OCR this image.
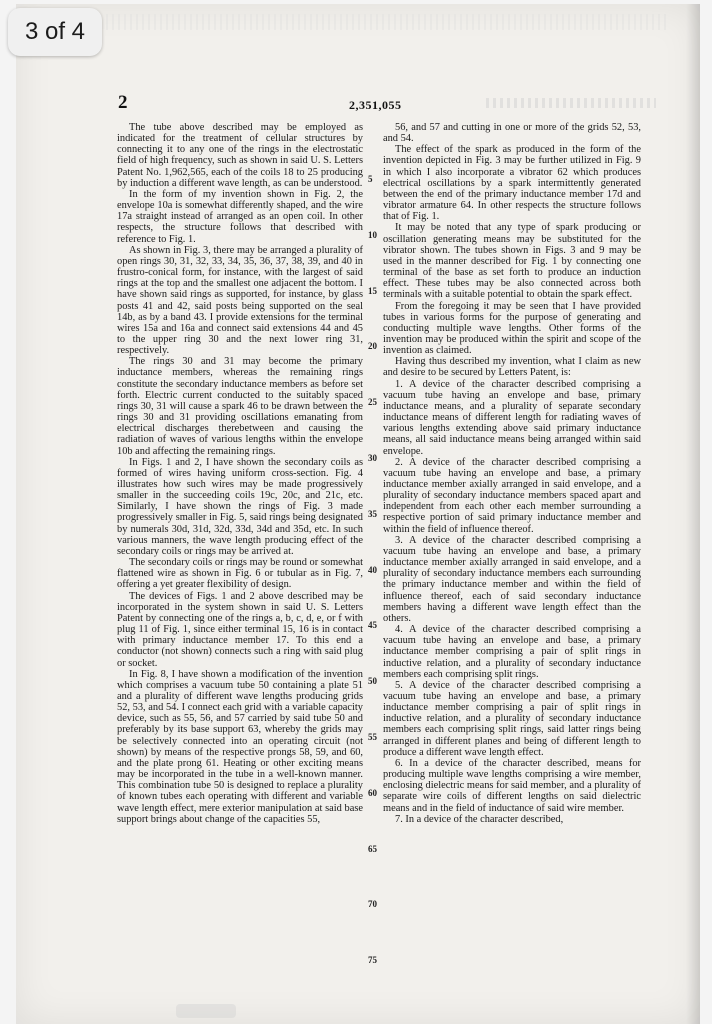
2	2,351,055

The tube above described may be employed as indicated for the treatment of cellular structures by connecting it to any one of the rings in the electrostatic field of high frequency, such as shown in said U. S. Letters Patent No. 1,962,565, each of the coils 18 to 25 producing by induction a different wave length, as can be understood.

In the form of my invention shown in Fig. 2, the envelope 10a is somewhat differently shaped, and the wire 17a straight instead of arranged as an open coil. In other respects, the structure follows that described with reference to Fig. 1.

As shown in Fig. 3, there may be arranged a plurality of open rings 30, 31, 32, 33, 34, 35, 36, 37, 38, 39, and 40 in frustro-conical form, for instance, with the largest of said rings at the top and the smallest one adjacent the bottom. I have shown said rings as supported, for instance, by glass posts 41 and 42, said posts being supported on the seal 14b, as by a band 43. I provide extensions for the terminal wires 15a and 16a and connect said extensions 44 and 45 to the upper ring 30 and the next lower ring 31, respectively.

The rings 30 and 31 may become the primary inductance members, whereas the remaining rings constitute the secondary inductance members as before set forth. Electric current conducted to the suitably spaced rings 30, 31 will cause a spark 46 to be drawn between the rings 30 and 31 providing oscillations emanating from electrical discharges therebetween and causing the radiation of waves of various lengths within the envelope 10b and affecting the remaining rings.

In Figs. 1 and 2, I have shown the secondary coils as formed of wires having uniform cross-section. Fig. 4 illustrates how such wires may be made progressively smaller in the succeeding coils 19c, 20c, and 21c, etc. Similarly, I have shown the rings of Fig. 3 made progressively smaller in Fig. 5, said rings being designated by numerals 30d, 31d, 32d, 33d, 34d and 35d, etc. In such various manners, the wave length producing effect of the secondary coils or rings may be arrived at.

The secondary coils or rings may be round or somewhat flattened wire as shown in Fig. 6 or tubular as in Fig. 7, offering a yet greater flexibility of design.

The devices of Figs. 1 and 2 above described may be incorporated in the system shown in said U. S. Letters Patent by connecting one of the rings a, b, c, d, e, or f with plug 11 of Fig. 1, since either terminal 15, 16 is in contact with primary inductance member 17. To this end a conductor (not shown) connects such a ring with said plug or socket.

In Fig. 8, I have shown a modification of the invention which comprises a vacuum tube 50 containing a plate 51 and a plurality of different wave lengths producing grids 52, 53, and 54. I connect each grid with a variable capacity device, such as 55, 56, and 57 carried by said tube 50 and preferably by its base support 63, whereby the grids may be selectively connected into an operating circuit (not shown) by means of the respective prongs 58, 59, and 60, and the plate prong 61. Heating or other exciting means may be incorporated in the tube in a well-known manner. This combination tube 50 is designed to replace a plurality of known tubes each operating with different and variable wave length effect, mere exterior manipulation at said base support brings about change of the capacities 55,

56, and 57 and cutting in one or more of the grids 52, 53, and 54.

The effect of the spark as produced in the form of the invention depicted in Fig. 3 may be further utilized in Fig. 9 in which I also incorporate a vibrator 62 which produces electrical oscillations by a spark intermittently generated between the end of the primary inductance member 17d and vibrator armature 64. In other respects the structure follows that of Fig. 1.

It may be noted that any type of spark producing or oscillation generating means may be substituted for the vibrator shown. The tubes shown in Figs. 3 and 9 may be used in the manner described for Fig. 1 by connecting one terminal of the base as set forth to produce an induction effect. These tubes may be also connected across both terminals with a suitable potential to obtain the spark effect.

From the foregoing it may be seen that I have provided tubes in various forms for the purpose of generating and conducting multiple wave lengths. Other forms of the invention may be produced within the spirit and scope of the invention as claimed.

Having thus described my invention, what I claim as new and desire to be secured by Letters Patent, is:

1. A device of the character described comprising a vacuum tube having an envelope and base, primary inductance means, and a plurality of separate secondary inductance means of different length for radiating waves of various lengths extending above said primary inductance means, all said inductance means being arranged within said envelope.

2. A device of the character described comprising a vacuum tube having an envelope and base, a primary inductance member axially arranged in said envelope, and a plurality of secondary inductance members spaced apart and independent from each other each member surrounding a respective portion of said primary inductance member and within the field of influence thereof.

3. A device of the character described comprising a vacuum tube having an envelope and base, a primary inductance member axially arranged in said envelope, and a plurality of secondary inductance members each surrounding the primary inductance member and within the field of influence thereof, each of said secondary inductance members having a different wave length effect than the others.

4. A device of the character described comprising a vacuum tube having an envelope and base, a primary inductance member comprising a pair of split rings in inductive relation, and a plurality of secondary inductance members each comprising split rings.

5. A device of the character described comprising a vacuum tube having an envelope and base, a primary inductance member comprising a pair of split rings in inductive relation, and a plurality of secondary inductance members each comprising split rings, said latter rings being arranged in different planes and being of different length to produce a different wave length effect.

6. In a device of the character described, means for producing multiple wave lengths comprising a wire member, enclosing dielectric means for said member, and a plurality of separate wire coils of different lengths on said dielectric means and in the field of inductance of said wire member.

7. In a device of the character described,

5
10
15
20
25
30
35
40
45
50
55
60
65
70
75
3 of 4
